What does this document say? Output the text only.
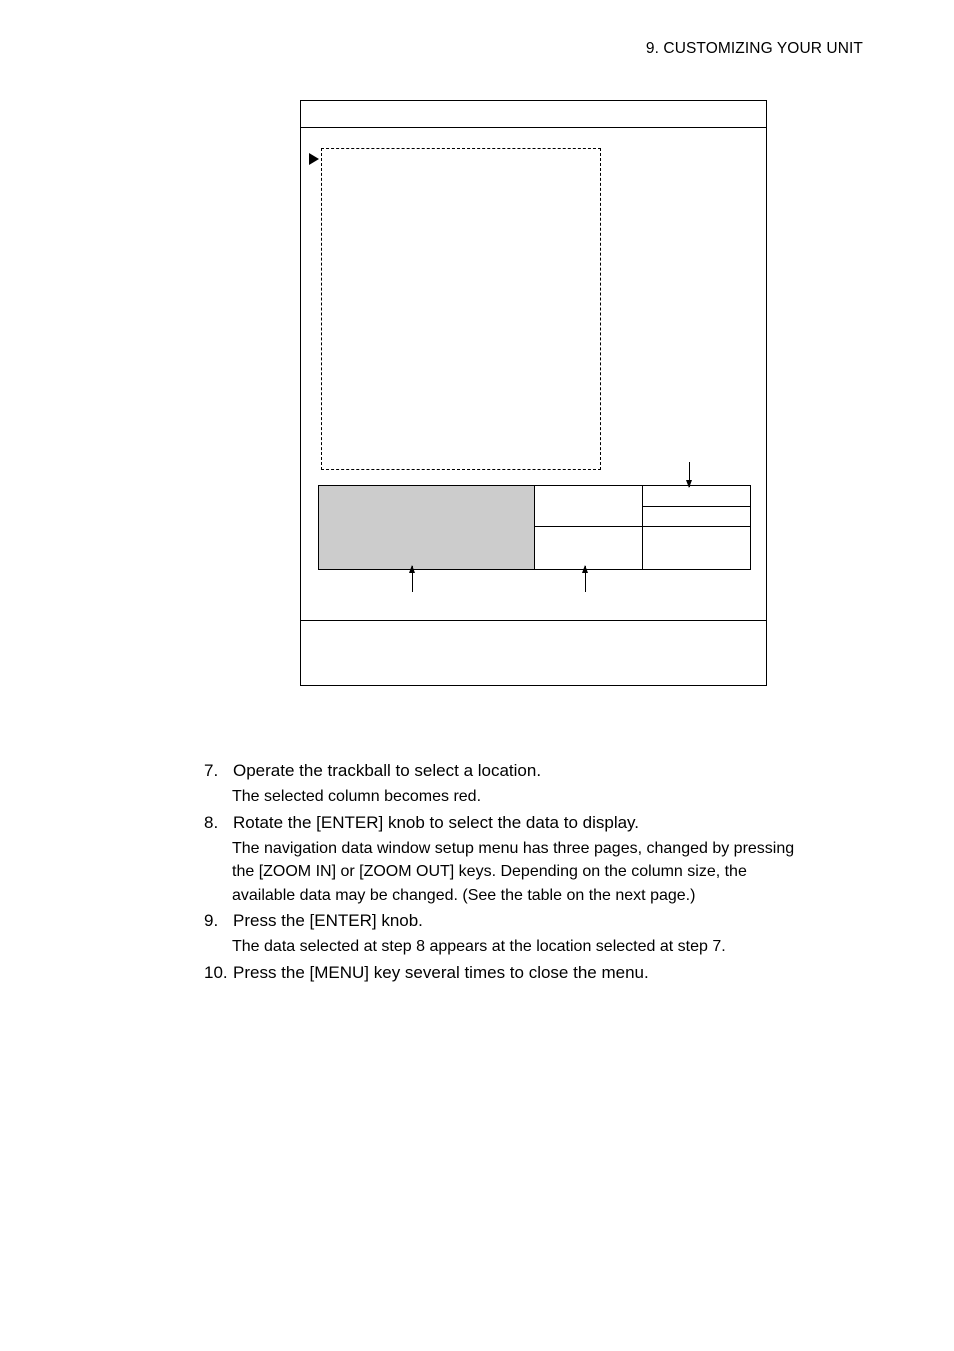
9. CUSTOMIZING YOUR UNIT
7. Operate the trackball to select a location.
The selected column becomes red.
8. Rotate the [ENTER] knob to select the data to display.
The navigation data window setup menu has three pages, changed by pressing
the [ZOOM IN] or [ZOOM OUT] keys. Depending on the column size, the
available data may be changed. (See the table on the next page.)
9. Press the [ENTER] knob.
The data selected at step 8 appears at the location selected at step 7.
10. Press the [MENU] key several times to close the menu.
